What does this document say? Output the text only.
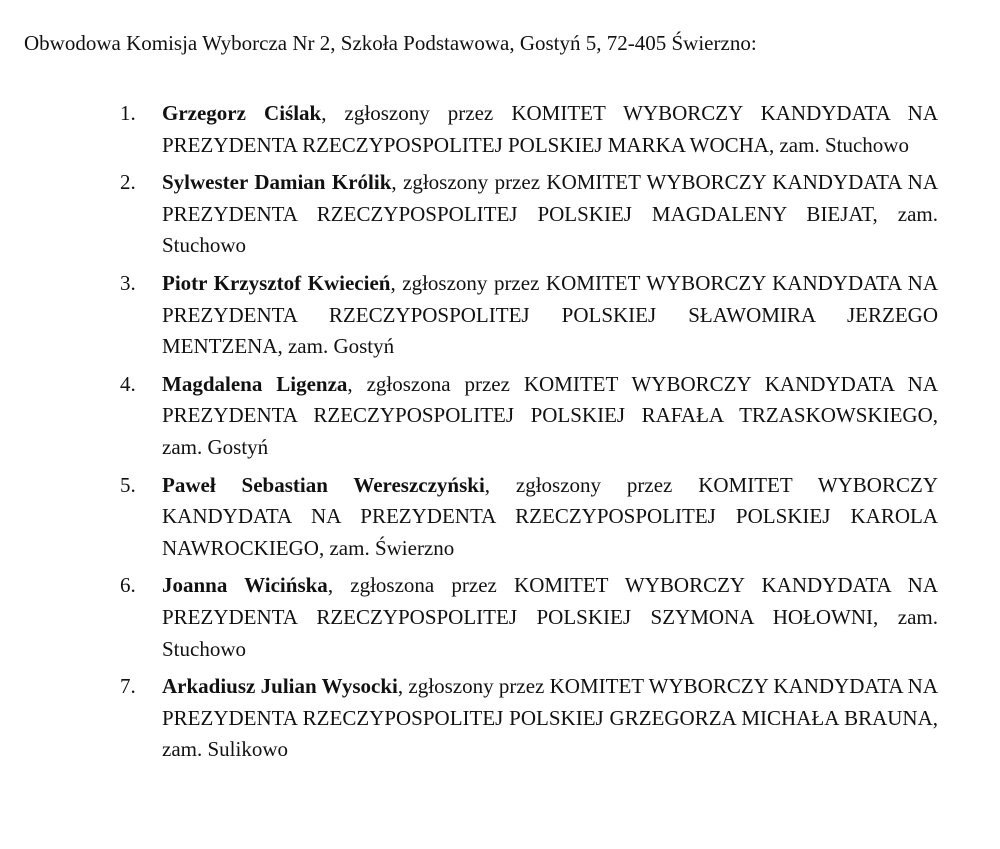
Obwodowa Komisja Wyborcza Nr 2, Szkoła Podstawowa, Gostyń 5, 72-405 Świerzno:
1.	Grzegorz Ciślak, zgłoszony przez KOMITET WYBORCZY KANDYDATA NA PREZYDENTA RZECZYPOSPOLITEJ POLSKIEJ MARKA WOCHA, zam. Stuchowo
2.	Sylwester Damian Królik, zgłoszony przez KOMITET WYBORCZY KANDYDATA NA PREZYDENTA RZECZYPOSPOLITEJ POLSKIEJ MAGDALENY BIEJAT, zam. Stuchowo
3.	Piotr Krzysztof Kwiecień, zgłoszony przez KOMITET WYBORCZY KANDYDATA NA PREZYDENTA RZECZYPOSPOLITEJ POLSKIEJ SŁAWOMIRA JERZEGO MENTZENA, zam. Gostyń
4.	Magdalena Ligenza, zgłoszona przez KOMITET WYBORCZY KANDYDATA NA PREZYDENTA RZECZYPOSPOLITEJ POLSKIEJ RAFAŁA TRZASKOWSKIEGO, zam. Gostyń
5.	Paweł Sebastian Wereszczyński, zgłoszony przez KOMITET WYBORCZY KANDYDATA NA PREZYDENTA RZECZYPOSPOLITEJ POLSKIEJ KAROLA NAWROCKIEGO, zam. Świerzno
6.	Joanna Wicińska, zgłoszona przez KOMITET WYBORCZY KANDYDATA NA PREZYDENTA RZECZYPOSPOLITEJ POLSKIEJ SZYMONA HOŁOWNI, zam. Stuchowo
7.	Arkadiusz Julian Wysocki, zgłoszony przez KOMITET WYBORCZY KANDYDATA NA PREZYDENTA RZECZYPOSPOLITEJ POLSKIEJ GRZEGORZA MICHAŁA BRAUNA, zam. Sulikowo
